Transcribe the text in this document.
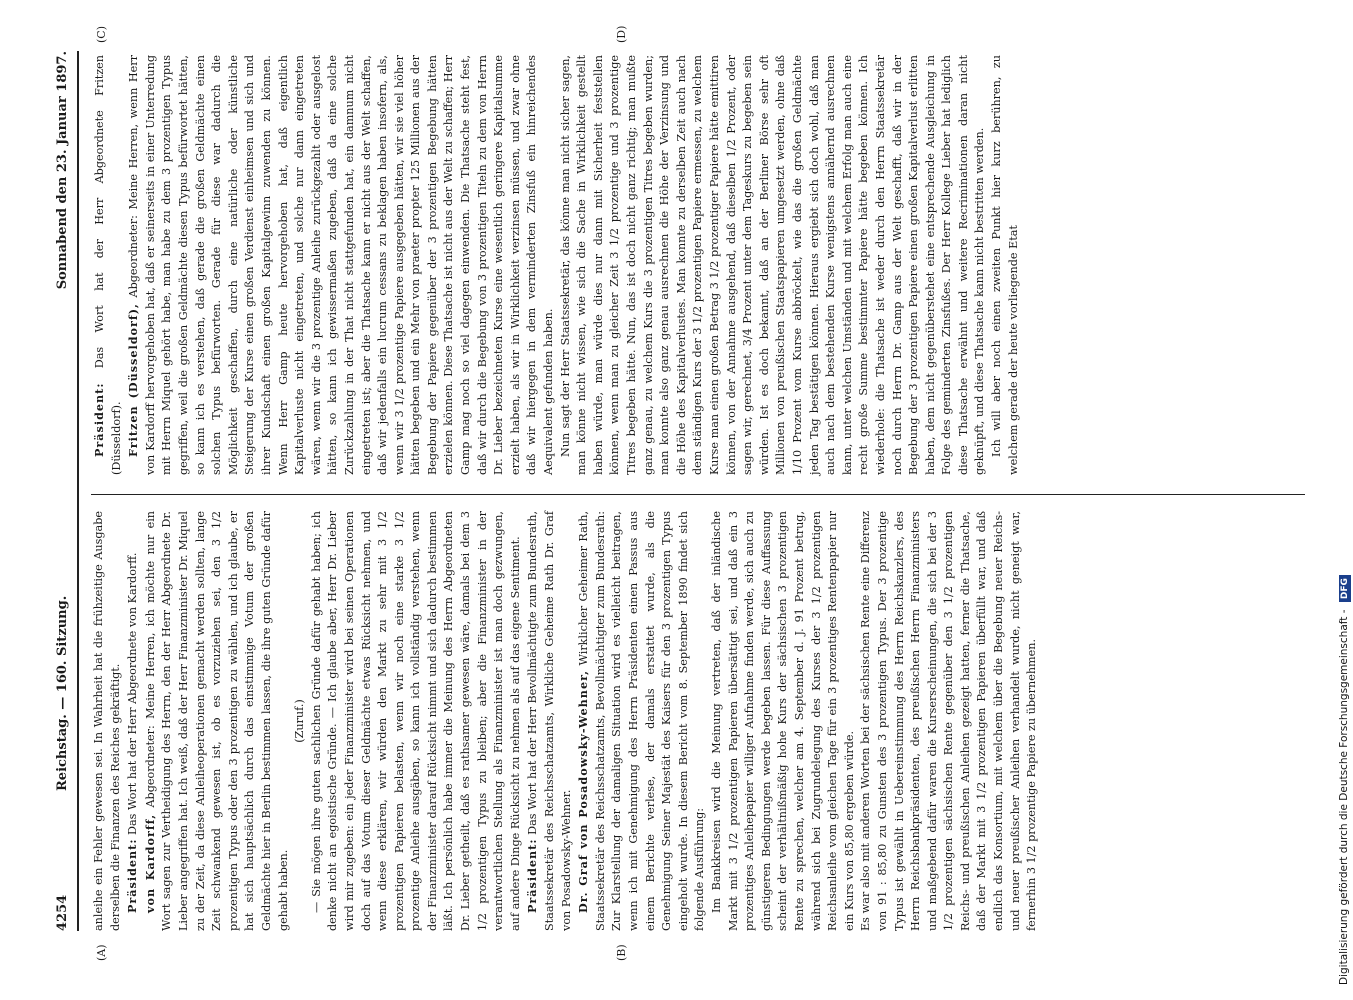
4254
Reichstag. — 160. Sitzung.
Sonnabend den 23. Januar 1897.
(A)	(B)
(C)	(D)

anleihe ein Fehler gewesen sei. In Wahrheit hat die frühzeitige Ausgabe derselben die Finanzen des Reiches gekräftigt. Präsident: Das Wort hat der Herr Abgeordnete von Kardorff.

von Kardorff, Abgeordneter: Meine Herren, ich möchte nur ein Wort sagen zur Vertheidigung des Herrn, den der Herr Abgeordnete Dr. Lieber angegriffen hat. Ich weiß, daß der Herr Finanzminister Dr. Miquel zu der Zeit, da diese Anleiheoperationen gemacht werden sollten, lange Zeit schwankend gewesen ist, ob es vorzuziehen sei, den 3 1/2 prozentigen Typus oder den 3 prozentigen zu wählen, und ich glaube, er hat sich hauptsächlich durch das einstimmige Votum der großen Geldmächte hier in Berlin bestimmen lassen, die ihre guten Gründe dafür gehabt haben.

(Zuruf.) — Sie mögen ihre guten sachlichen Gründe dafür gehabt haben; ich denke nicht an egoistische Gründe. — Ich glaube aber, Herr Dr. Lieber wird mir zugeben: ein jeder Finanzminister wird bei seinen Operationen doch auf das Votum dieser Geldmächte etwas Rücksicht nehmen, und wenn diese erklären, wir würden den Markt zu sehr mit 3 1/2 prozentigen Papieren belasten, wenn wir noch eine starke 3 1/2 prozentige Anleihe ausgäben, so kann ich vollständig verstehen, wenn der Finanzminister darauf Rücksicht nimmt und sich dadurch bestimmen läßt. Ich persönlich habe immer die Meinung des Herrn Abgeordneten Dr. Lieber getheilt, daß es rathsamer gewesen wäre, damals bei dem 3 1/2 prozentigen Typus zu bleiben; aber die Finanzminister in der verantwortlichen Stellung als Finanzminister ist man doch gezwungen, auf andere Dinge Rücksicht zu nehmen als auf das eigene Sentiment. Präsident: Das Wort hat der Herr Bevollmächtigte zum Bundesrath, Staatssekretär des Reichsschatzamts, Wirkliche Geheime Rath Dr. Graf von Posadowsky-Wehner. Dr. Graf von Posadowsky-Wehner, Wirklicher Geheimer Rath, Staatssekretär des Reichsschatzamts, Bevollmächtigter zum Bundesrath: Zur Klarstellung der damaligen Situation wird es vielleicht beitragen, wenn ich mit Genehmigung des Herrn Präsidenten einen Passus aus einem Berichte verlese, der damals erstattet wurde, als die Genehmigung Seiner Majestät des Kaisers für den 3 prozentigen Typus eingeholt wurde. In diesem Bericht vom 8. September 1890 findet sich folgende Ausführung: Im Bankkreisen wird die Meinung vertreten, daß der inländische Markt mit 3 1/2 prozentigen Papieren übersättigt sei, und daß ein 3 prozentiges Anleihepapier williger Aufnahme finden werde, sich auch zu günstigeren Bedingungen werde begeben lassen. Für diese Auffassung scheint der verhältnißmäßig hohe Kurs der sächsischen 3 prozentigen Rente zu sprechen, welcher am 4. September d. J. 91 Prozent betrug, während sich bei Zugrundelegung des Kurses der 3 1/2 prozentigen Reichsanleihe vom gleichen Tage für ein 3 prozentiges Rentenpapier nur ein Kurs von 85,80 ergeben würde. Es war also mit anderen Worten bei der sächsischen Rente eine Differenz von 91 : 85,80 zu Gunsten des 3 prozentigen Typus. Der 3 prozentige Typus ist gewählt in Uebereinstimmung des Herrn Reichskanzlers, des Herrn Reichsbankpräsidenten, des preußischen Herrn Finanzministers und maßgebend dafür waren die Kurserscheinungen, die sich bei der 3 1/2 prozentigen sächsischen Rente gegenüber den 3 1/2 prozentigen Reichs- und preußischen Anleihen gezeigt hatten, ferner die Thatsache, daß der Markt mit 3 1/2 prozentigen Papieren überfüllt war, und daß endlich das Konsortium, mit welchem über die Begebung neuer Reichs- und neuer preußischer Anleihen verhandelt wurde, nicht geneigt war, fernerhin 3 1/2 prozentige Papiere zu übernehmen.

Präsident: Das Wort hat der Herr Abgeordnete Fritzen (Düsseldorf). Fritzen (Düsseldorf), Abgeordneter: Meine Herren, wenn Herr von Kardorff hervorgehoben hat, daß er seinerseits in einer Unterredung mit Herrn Miquel gehört habe, man habe zu dem 3 prozentigen Typus gegriffen, weil die großen Geldmächte diesen Typus befürwortet hätten, so kann ich es verstehen, daß gerade die großen Geldmächte einen solchen Typus befürworten. Gerade für diese war dadurch die Möglichkeit geschaffen, durch eine natürliche oder künstliche Steigerung der Kurse einen großen Verdienst einheimsen und sich und ihrer Kundschaft einen großen Kapitalgewinn zuwenden zu können. Wenn Herr Gamp heute hervorgehoben hat, daß eigentlich Kapitalverluste nicht eingetreten, und solche nur dann eingetreten wären, wenn wir die 3 prozentige Anleihe zurückgezahlt oder ausgelost hätten, so kann ich gewissermaßen zugeben, daß da eine solche Zurückzahlung in der That nicht stattgefunden hat, ein damnum nicht eingetreten ist; aber die Thatsache kann er nicht aus der Welt schaffen, daß wir jedenfalls ein lucrum cessans zu beklagen haben insofern, als, wenn wir 3 1/2 prozentige Papiere ausgegeben hätten, wir sie viel höher hätten begeben und ein Mehr von praeter propter 125 Millionen aus der Begebung der Papiere gegenüber der 3 prozentigen Begebung hätten erzielen können. Diese Thatsache ist nicht aus der Welt zu schaffen; Herr Gamp mag noch so viel dagegen einwenden. Die Thatsache steht fest, daß wir durch die Begebung von 3 prozentigen Titeln zu dem von Herrn Dr. Lieber bezeichneten Kurse eine wesentlich geringere Kapitalsumme erzielt haben, als wir in Wirklichkeit verzinsen müssen, und zwar ohne daß wir hiergegen in dem verminderten Zinsfuß ein hinreichendes Aequivalent gefunden haben. Nun sagt der Herr Staatssekretär, das könne man nicht sicher sagen, man könne nicht wissen, wie sich die Sache in Wirklichkeit gestellt haben würde, man würde dies nur dann mit Sicherheit feststellen können, wenn man zu gleicher Zeit 3 1/2 prozentige und 3 prozentige Titres begeben hätte. Nun, das ist doch nicht ganz richtig; man mußte ganz genau, zu welchem Kurs die 3 prozentigen Titres begeben wurden; man konnte also ganz genau ausrechnen die Höhe der Verzinsung und die Höhe des Kapitalverlustes. Man konnte zu derselben Zeit auch nach dem ständigen Kurs der 3 1/2 prozentigen Papiere ermessen, zu welchem Kurse man einen großen Betrag 3 1/2 prozentiger Papiere hätte emittiren können, von der Annahme ausgehend, daß dieselben 1/2 Prozent, oder sagen wir, gerechnet, 3/4 Prozent unter dem Tageskurs zu begeben sein würden. Ist es doch bekannt, daß an der Berliner Börse sehr oft Millionen von preußischen Staatspapieren umgesetzt werden, ohne daß 1/10 Prozent vom Kurse abbröckelt, wie das die großen Geldmächte jeden Tag bestätigen können. Hieraus ergiebt sich doch wohl, daß man auch nach dem bestehenden Kurse wenigstens annähernd ausrechnen kann, unter welchen Umständen und mit welchem Erfolg man auch eine recht große Summe bestimmter Papiere hätte begeben können. Ich wiederhole: die Thatsache ist weder durch den Herrn Staatssekretär noch durch Herrn Dr. Gamp aus der Welt geschafft, daß wir in der Begebung der 3 prozentigen Papiere einen großen Kapitalverlust erlitten haben, dem nicht gegenüberstehet eine entsprechende Ausgleichung in Folge des geminderten Zinsfußes. Der Herr Kollege Lieber hat lediglich diese Thatsache erwähnt und weitere Recriminationen daran nicht geknüpft, und diese Thatsache kann nicht bestritten werden. Ich will aber noch einen zweiten Punkt hier kurz berühren, zu welchem gerade der heute vorliegende Etat

Digitalisierung gefördert durch die Deutsche Forschungsgemeinschaft - DFG
